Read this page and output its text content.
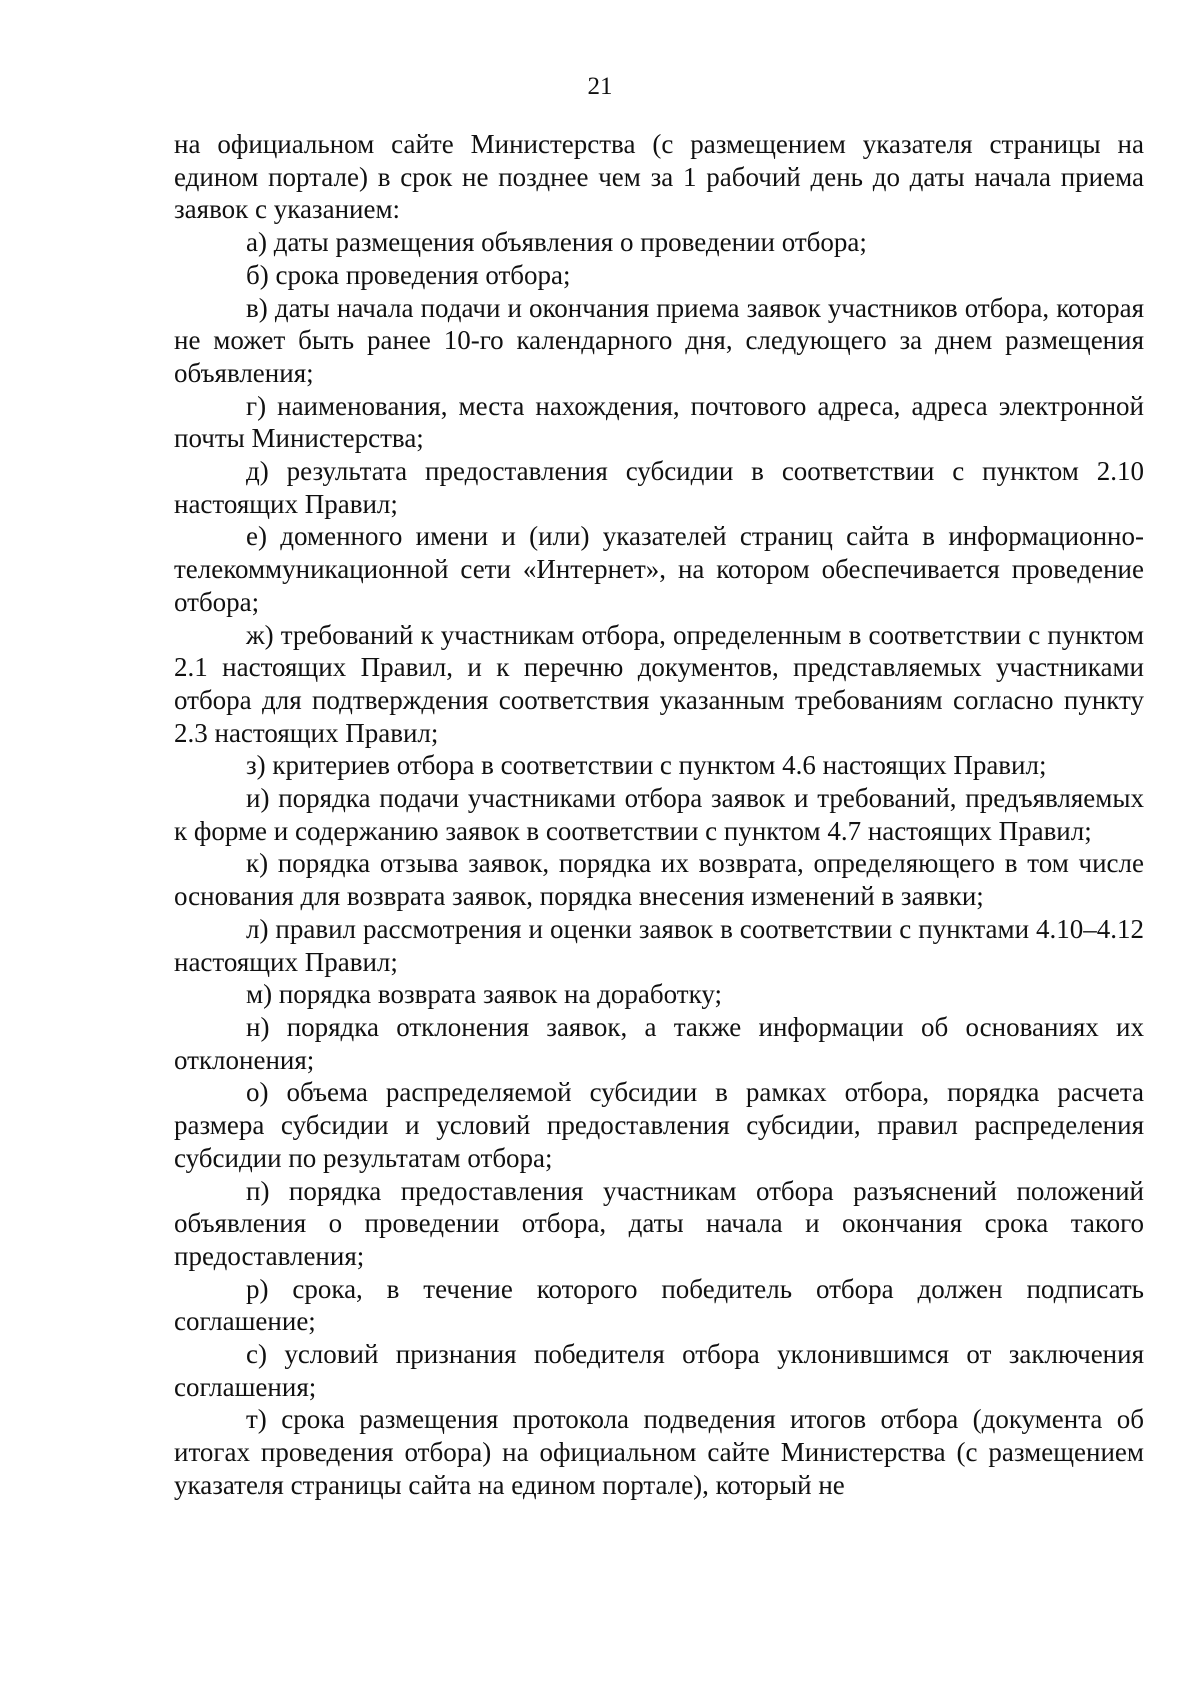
21

на официальном сайте Министерства (с размещением указателя страницы на едином портале) в срок не позднее чем за 1 рабочий день до даты начала приема заявок с указанием:

а) даты размещения объявления о проведении отбора;

б) срока проведения отбора;

в) даты начала подачи и окончания приема заявок участников отбора, которая не может быть ранее 10-го календарного дня, следующего за днем размещения объявления;

г) наименования, места нахождения, почтового адреса, адреса электронной почты Министерства;

д) результата предоставления субсидии в соответствии с пунктом 2.10 настоящих Правил;

е) доменного имени и (или) указателей страниц сайта в информационно-телекоммуникационной сети «Интернет», на котором обеспечивается проведение отбора;

ж) требований к участникам отбора, определенным в соответствии с пунктом 2.1 настоящих Правил, и к перечню документов, представляемых участниками отбора для подтверждения соответствия указанным требованиям согласно пункту 2.3 настоящих Правил;

з) критериев отбора в соответствии с пунктом 4.6 настоящих Правил;

и) порядка подачи участниками отбора заявок и требований, предъявляемых к форме и содержанию заявок в соответствии с пунктом 4.7 настоящих Правил;

к) порядка отзыва заявок, порядка их возврата, определяющего в том числе основания для возврата заявок, порядка внесения изменений в заявки;

л) правил рассмотрения и оценки заявок в соответствии с пунктами 4.10–4.12 настоящих Правил;

м) порядка возврата заявок на доработку;

н) порядка отклонения заявок, а также информации об основаниях их отклонения;

о) объема распределяемой субсидии в рамках отбора, порядка расчета размера субсидии и условий предоставления субсидии, правил распределения субсидии по результатам отбора;

п) порядка предоставления участникам отбора разъяснений положений объявления о проведении отбора, даты начала и окончания срока такого предоставления;

р) срока, в течение которого победитель отбора должен подписать соглашение;

с) условий признания победителя отбора уклонившимся от заключения соглашения;

т) срока размещения протокола подведения итогов отбора (документа об итогах проведения отбора) на официальном сайте Министерства (с размещением указателя страницы сайта на едином портале), который не
